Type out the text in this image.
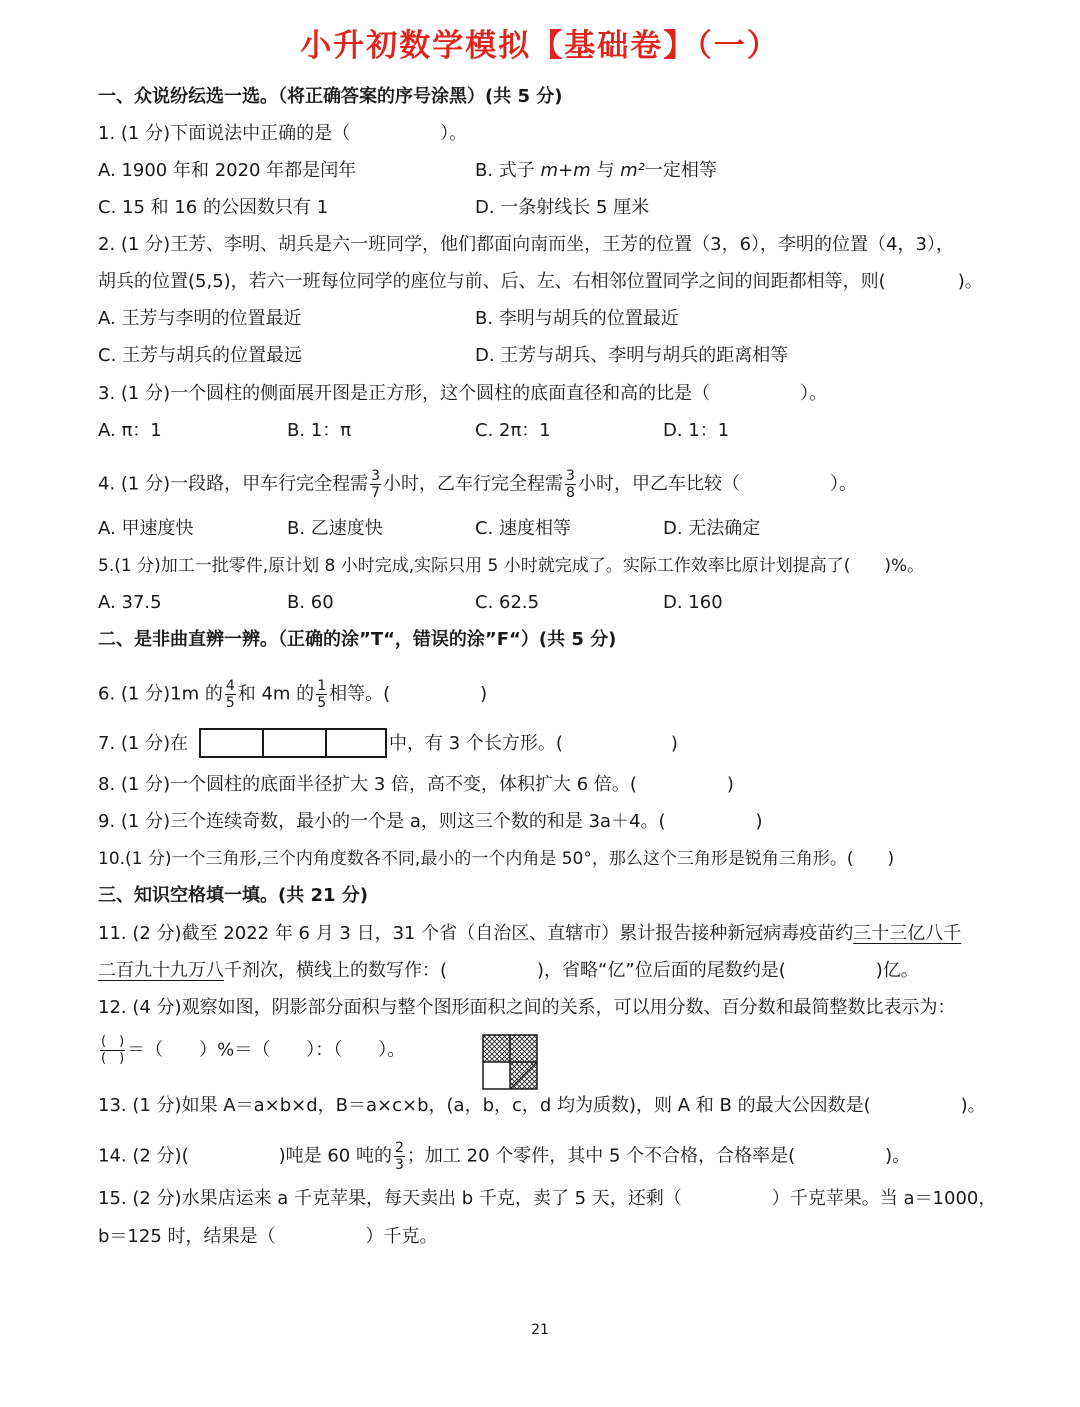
小升初数学模拟【基础卷】（一）
一、众说纷纭选一选。（将正确答案的序号涂黑）(共 5 分)
1. (1 分)下面说法中正确的是（　　　　　）。
A. 1900 年和 2020 年都是闰年	B. 式子 m+m 与 m²一定相等
C. 15 和 16 的公因数只有 1	D. 一条射线长 5 厘米
2. (1 分)王芳、李明、胡兵是六一班同学，他们都面向南而坐，王芳的位置（3，6），李明的位置（4，3），
胡兵的位置(5,5)，若六一班每位同学的座位与前、后、左、右相邻位置同学之间的间距都相等，则(　　　　)。
A. 王芳与李明的位置最近	B. 李明与胡兵的位置最近
C. 王芳与胡兵的位置最远	D. 王芳与胡兵、李明与胡兵的距离相等
3. (1 分)一个圆柱的侧面展开图是正方形，这个圆柱的底面直径和高的比是（　　　　　）。
A. π：1	B. 1：π	C. 2π：1	D. 1：1
4. (1 分)一段路，甲车行完全程需 $\frac{3}{7}$ 小时，乙车行完全程需 $\frac{3}{8}$ 小时，甲乙车比较（　　　　　）。
A. 甲速度快	B. 乙速度快	C. 速度相等	D. 无法确定
5.(1 分)加工一批零件,原计划 8 小时完成,实际只用 5 小时就完成了。实际工作效率比原计划提高了(　　)%。
A. 37.5	B. 60	C. 62.5	D. 160
二、是非曲直辨一辨。（正确的涂”T“，错误的涂”F“）(共 5 分)
6. (1 分)1m 的 $\frac{4}{5}$ 和 4m 的 $\frac{1}{5}$ 相等。(　　　　　)
7. (1 分)在	中，有 3 个长方形。(　　　　　　)
8. (1 分)一个圆柱的底面半径扩大 3 倍，高不变，体积扩大 6 倍。(　　　　　)
9. (1 分)三个连续奇数，最小的一个是 a，则这三个数的和是 3a＋4。(　　　　　)
10.(1 分)一个三角形,三个内角度数各不同,最小的一个内角是 50°，那么这个三角形是锐角三角形。(　　)
三、知识空格填一填。(共 21 分)
11. (2 分)截至 2022 年 6 月 3 日，31 个省（自治区、直辖市）累计报告接种新冠病毒疫苗约三十三亿八千
二百九十九万八千剂次，横线上的数写作：(　　　　　)，省略“亿”位后面的尾数约是(　　　　　)亿。
12. (4 分)观察如图，阴影部分面积与整个图形面积之间的关系，可以用分数、百分数和最简整数比表示为：
$\frac{( )}{( )}$ ＝（　　）%＝（　　）：（　　）。
13. (1 分)如果 A＝a×b×d，B＝a×c×b，(a，b，c，d 均为质数)，则 A 和 B 的最大公因数是(　　　　　)。
14. (2 分)(　　　　　)吨是 60 吨的 $\frac{2}{3}$ ；加工 20 个零件，其中 5 个不合格，合格率是(　　　　　)。
15. (2 分)水果店运来 a 千克苹果，每天卖出 b 千克，卖了 5 天，还剩（　　　　　）千克苹果。当 a＝1000，
b＝125 时，结果是（　　　　　）千克。
21
